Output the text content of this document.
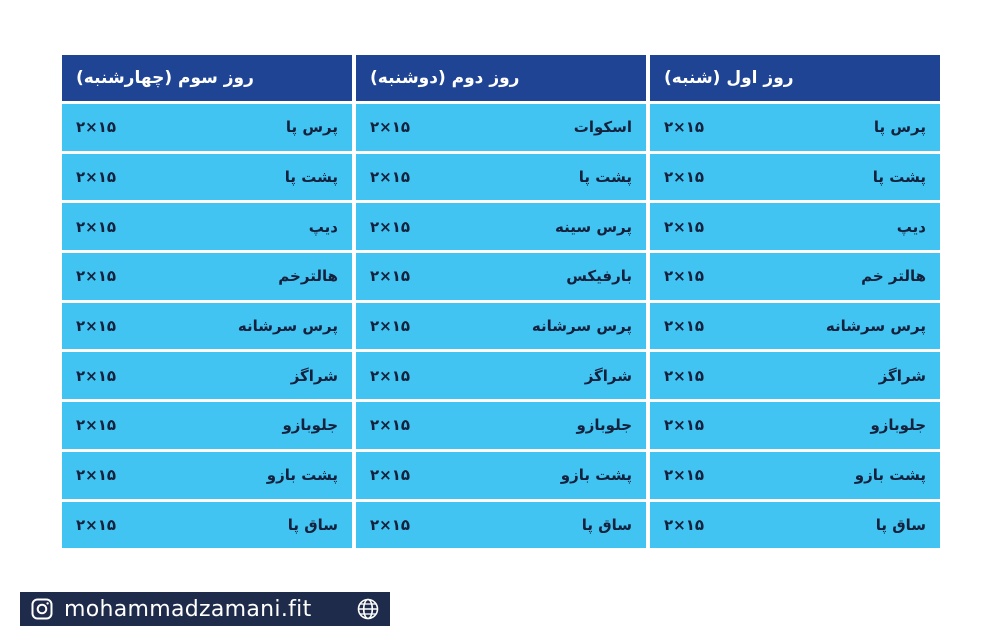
روز اول (شنبه)
پرس پا
۲×۱۵
پشت پا
۲×۱۵
دیپ
۲×۱۵
هالتر خم
۲×۱۵
پرس سرشانه
۲×۱۵
شراگز
۲×۱۵
جلوبازو
۲×۱۵
پشت بازو
۲×۱۵
ساق پا
۲×۱۵
روز دوم (دوشنبه)
اسکوات
۲×۱۵
پشت پا
۲×۱۵
پرس سینه
۲×۱۵
بارفیکس
۲×۱۵
پرس سرشانه
۲×۱۵
شراگز
۲×۱۵
جلوبازو
۲×۱۵
پشت بازو
۲×۱۵
ساق پا
۲×۱۵
روز سوم (چهارشنبه)
پرس پا
۲×۱۵
پشت پا
۲×۱۵
دیپ
۲×۱۵
هالترخم
۲×۱۵
پرس سرشانه
۲×۱۵
شراگز
۲×۱۵
جلوبازو
۲×۱۵
پشت بازو
۲×۱۵
ساق پا
۲×۱۵
mohammadzamani.fit
